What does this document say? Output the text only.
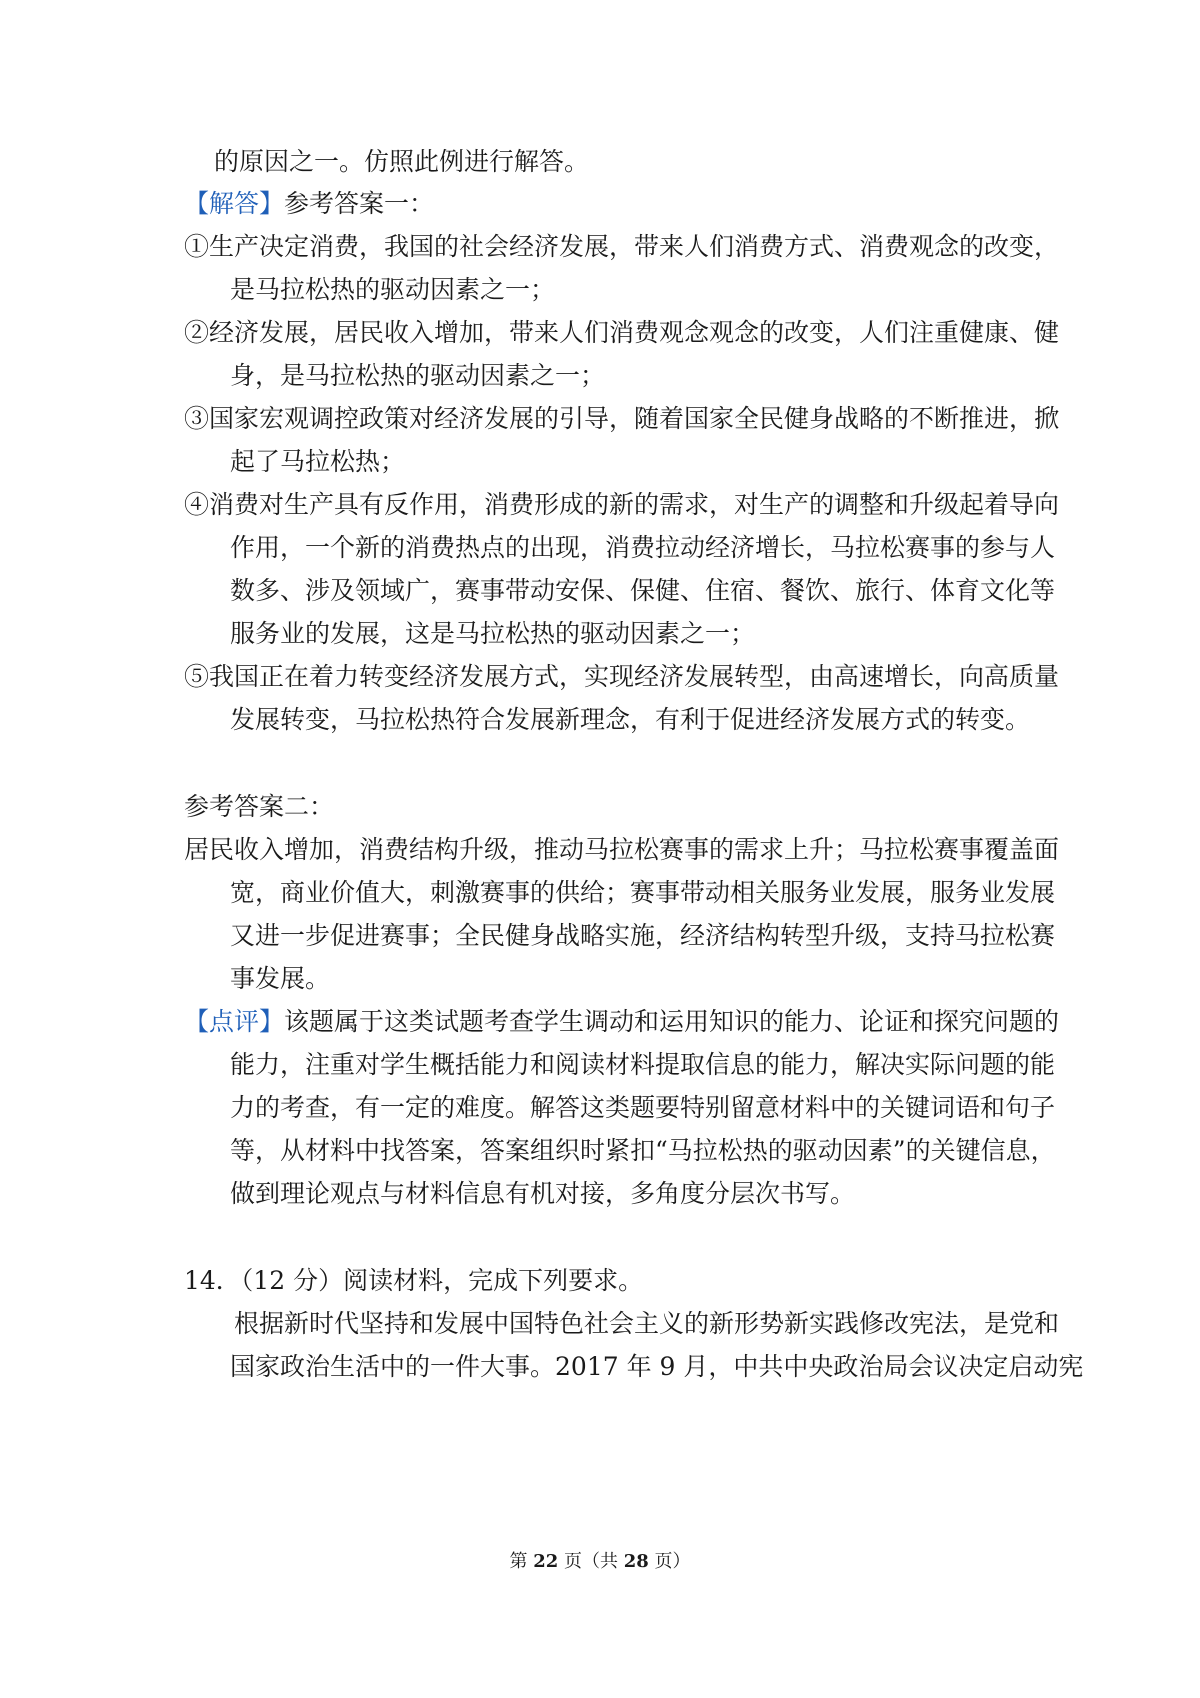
的原因之一。仿照此例进行解答。
【解答】参考答案一：
①生产决定消费，我国的社会经济发展，带来人们消费方式、消费观念的改变，
是马拉松热的驱动因素之一；
②经济发展，居民收入增加，带来人们消费观念观念的改变，人们注重健康、健
身，是马拉松热的驱动因素之一；
③国家宏观调控政策对经济发展的引导，随着国家全民健身战略的不断推进，掀
起了马拉松热；
④消费对生产具有反作用，消费形成的新的需求，对生产的调整和升级起着导向
作用，一个新的消费热点的出现，消费拉动经济增长，马拉松赛事的参与人
数多、涉及领域广，赛事带动安保、保健、住宿、餐饮、旅行、体育文化等
服务业的发展，这是马拉松热的驱动因素之一；
⑤我国正在着力转变经济发展方式，实现经济发展转型，由高速增长，向高质量
发展转变，马拉松热符合发展新理念，有利于促进经济发展方式的转变。
参考答案二：
居民收入增加，消费结构升级，推动马拉松赛事的需求上升；马拉松赛事覆盖面
宽，商业价值大，刺激赛事的供给；赛事带动相关服务业发展，服务业发展
又进一步促进赛事；全民健身战略实施，经济结构转型升级，支持马拉松赛
事发展。
【点评】该题属于这类试题考查学生调动和运用知识的能力、论证和探究问题的
能力，注重对学生概括能力和阅读材料提取信息的能力，解决实际问题的能
力的考查，有一定的难度。解答这类题要特别留意材料中的关键词语和句子
等，从材料中找答案，答案组织时紧扣“马拉松热的驱动因素”的关键信息，
做到理论观点与材料信息有机对接，多角度分层次书写。
14．（12 分）阅读材料，完成下列要求。
根据新时代坚持和发展中国特色社会主义的新形势新实践修改宪法，是党和
国家政治生活中的一件大事。2017 年 9 月，中共中央政治局会议决定启动宪
第 22 页（共 28 页）
